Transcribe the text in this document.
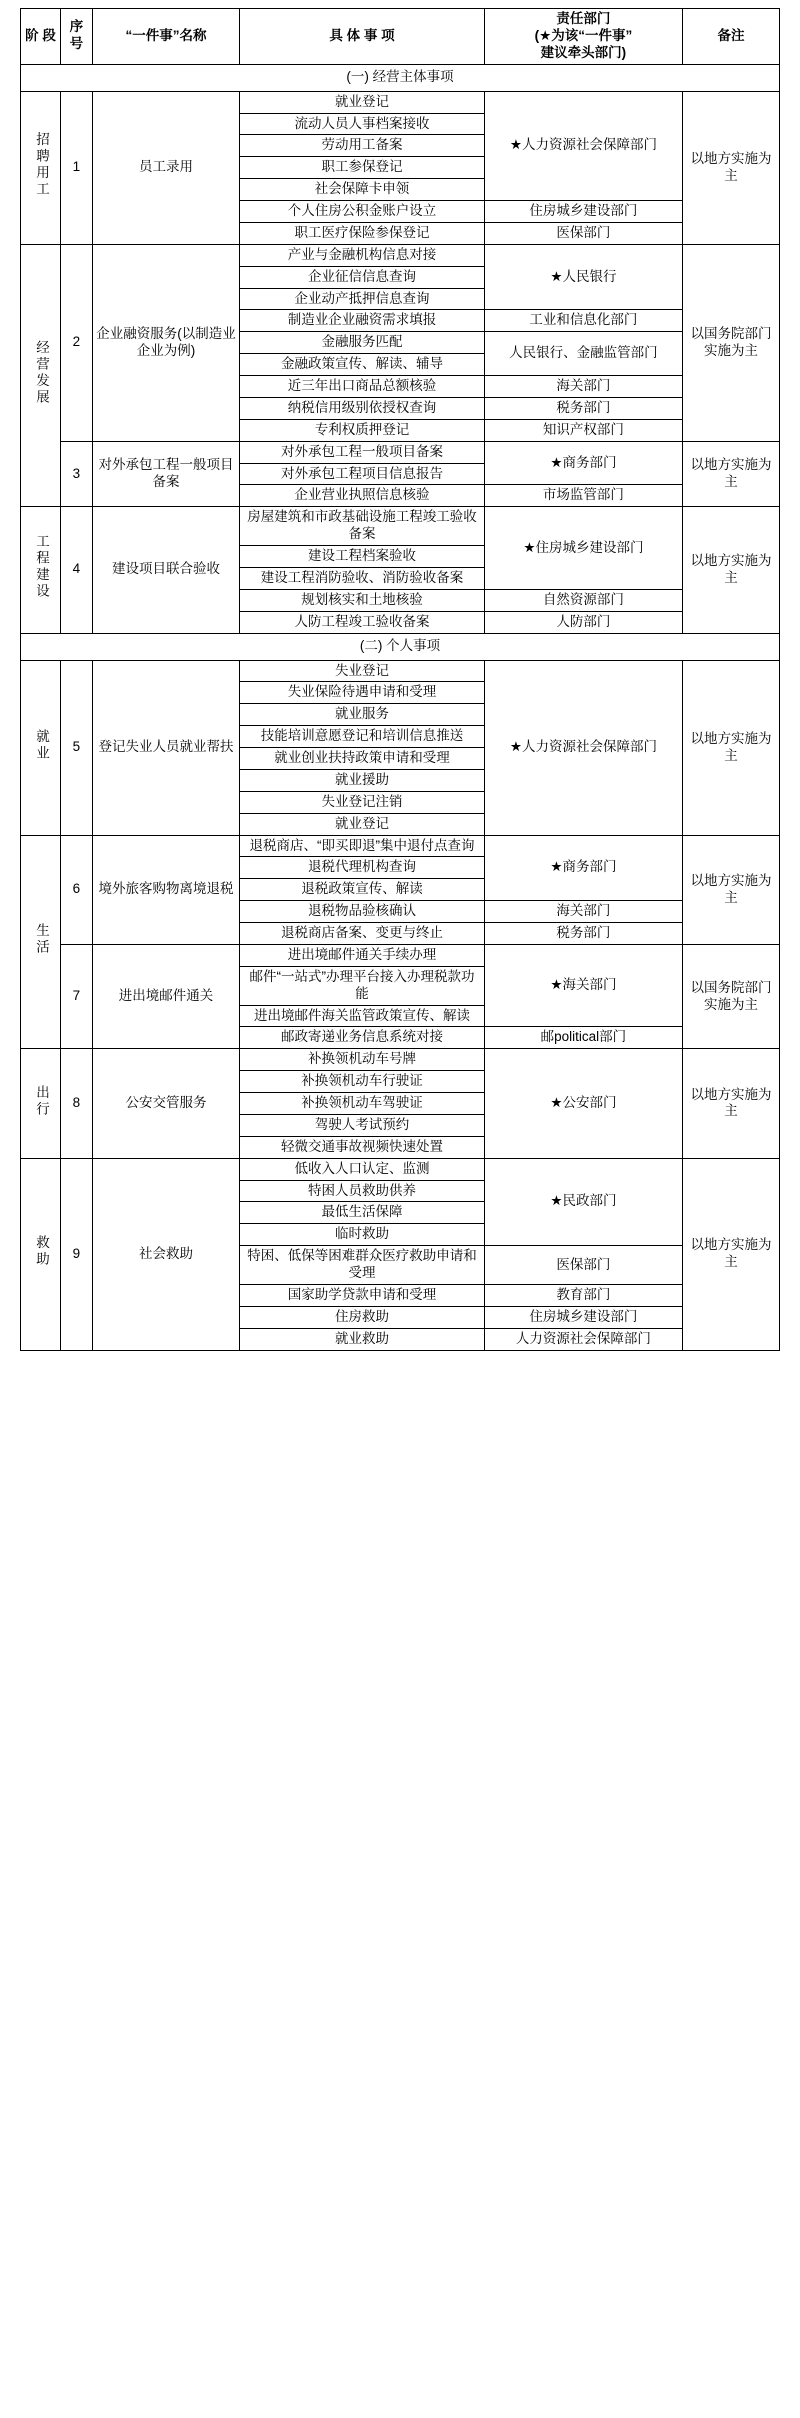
阶 段	序 号	“一件事”名称	具 体 事 项	责任部门
(★为该“一件事”
建议牵头部门)	备注
(一) 经营主体事项					
招聘用工	1	员工录用	就业登记	★人力资源社会保障部门	以地方实施为主
			流动人员人事档案接收		
			劳动用工备案		
			职工参保登记		
			社会保障卡申领		
			个人住房公积金账户设立	住房城乡建设部门	
			职工医疗保险参保登记	医保部门	
经营发展	2	企业融资服务(以制造业企业为例)	产业与金融机构信息对接	★人民银行	以国务院部门实施为主
			企业征信信息查询		
			企业动产抵押信息查询		
			制造业企业融资需求填报	工业和信息化部门	
			金融服务匹配	人民银行、金融监管部门	
			金融政策宣传、解读、辅导		
			近三年出口商品总额核验	海关部门	
			纳税信用级别依授权查询	税务部门	
			专利权质押登记	知识产权部门	
	3	对外承包工程一般项目备案	对外承包工程一般项目备案	★商务部门	以地方实施为主
			对外承包工程项目信息报告		
			企业营业执照信息核验	市场监管部门	
工程建设	4	建设项目联合验收	房屋建筑和市政基础设施工程竣工验收备案	★住房城乡建设部门	以地方实施为主
			建设工程档案验收		
			建设工程消防验收、消防验收备案		
			规划核实和土地核验	自然资源部门	
			人防工程竣工验收备案	人防部门	
(二) 个人事项					
就业	5	登记失业人员就业帮扶	失业登记	★人力资源社会保障部门	以地方实施为主
			失业保险待遇申请和受理		
			就业服务		
			技能培训意愿登记和培训信息推送		
			就业创业扶持政策申请和受理		
			就业援助		
			失业登记注销		
			就业登记		
生活	6	境外旅客购物离境退税	退税商店、“即买即退”集中退付点查询	★商务部门	以地方实施为主
			退税代理机构查询		
			退税政策宣传、解读		
			退税物品验核确认	海关部门	
			退税商店备案、变更与终止	税务部门	
	7	进出境邮件通关	进出境邮件通关手续办理	★海关部门	以国务院部门实施为主
			邮件“一站式”办理平台接入办理税款功能		
			进出境邮件海关监管政策宣传、解读		
			邮政寄递业务信息系统对接	邮political部门	
出行	8	公安交管服务	补换领机动车号牌	★公安部门	以地方实施为主
			补换领机动车行驶证		
			补换领机动车驾驶证		
			驾驶人考试预约		
			轻微交通事故视频快速处置		
救助	9	社会救助	低收入人口认定、监测	★民政部门	以地方实施为主
			特困人员救助供养		
			最低生活保障		
			临时救助		
			特困、低保等困难群众医疗救助申请和受理	医保部门	
			国家助学贷款申请和受理	教育部门	
			住房救助	住房城乡建设部门	
			就业救助	人力资源社会保障部门	
